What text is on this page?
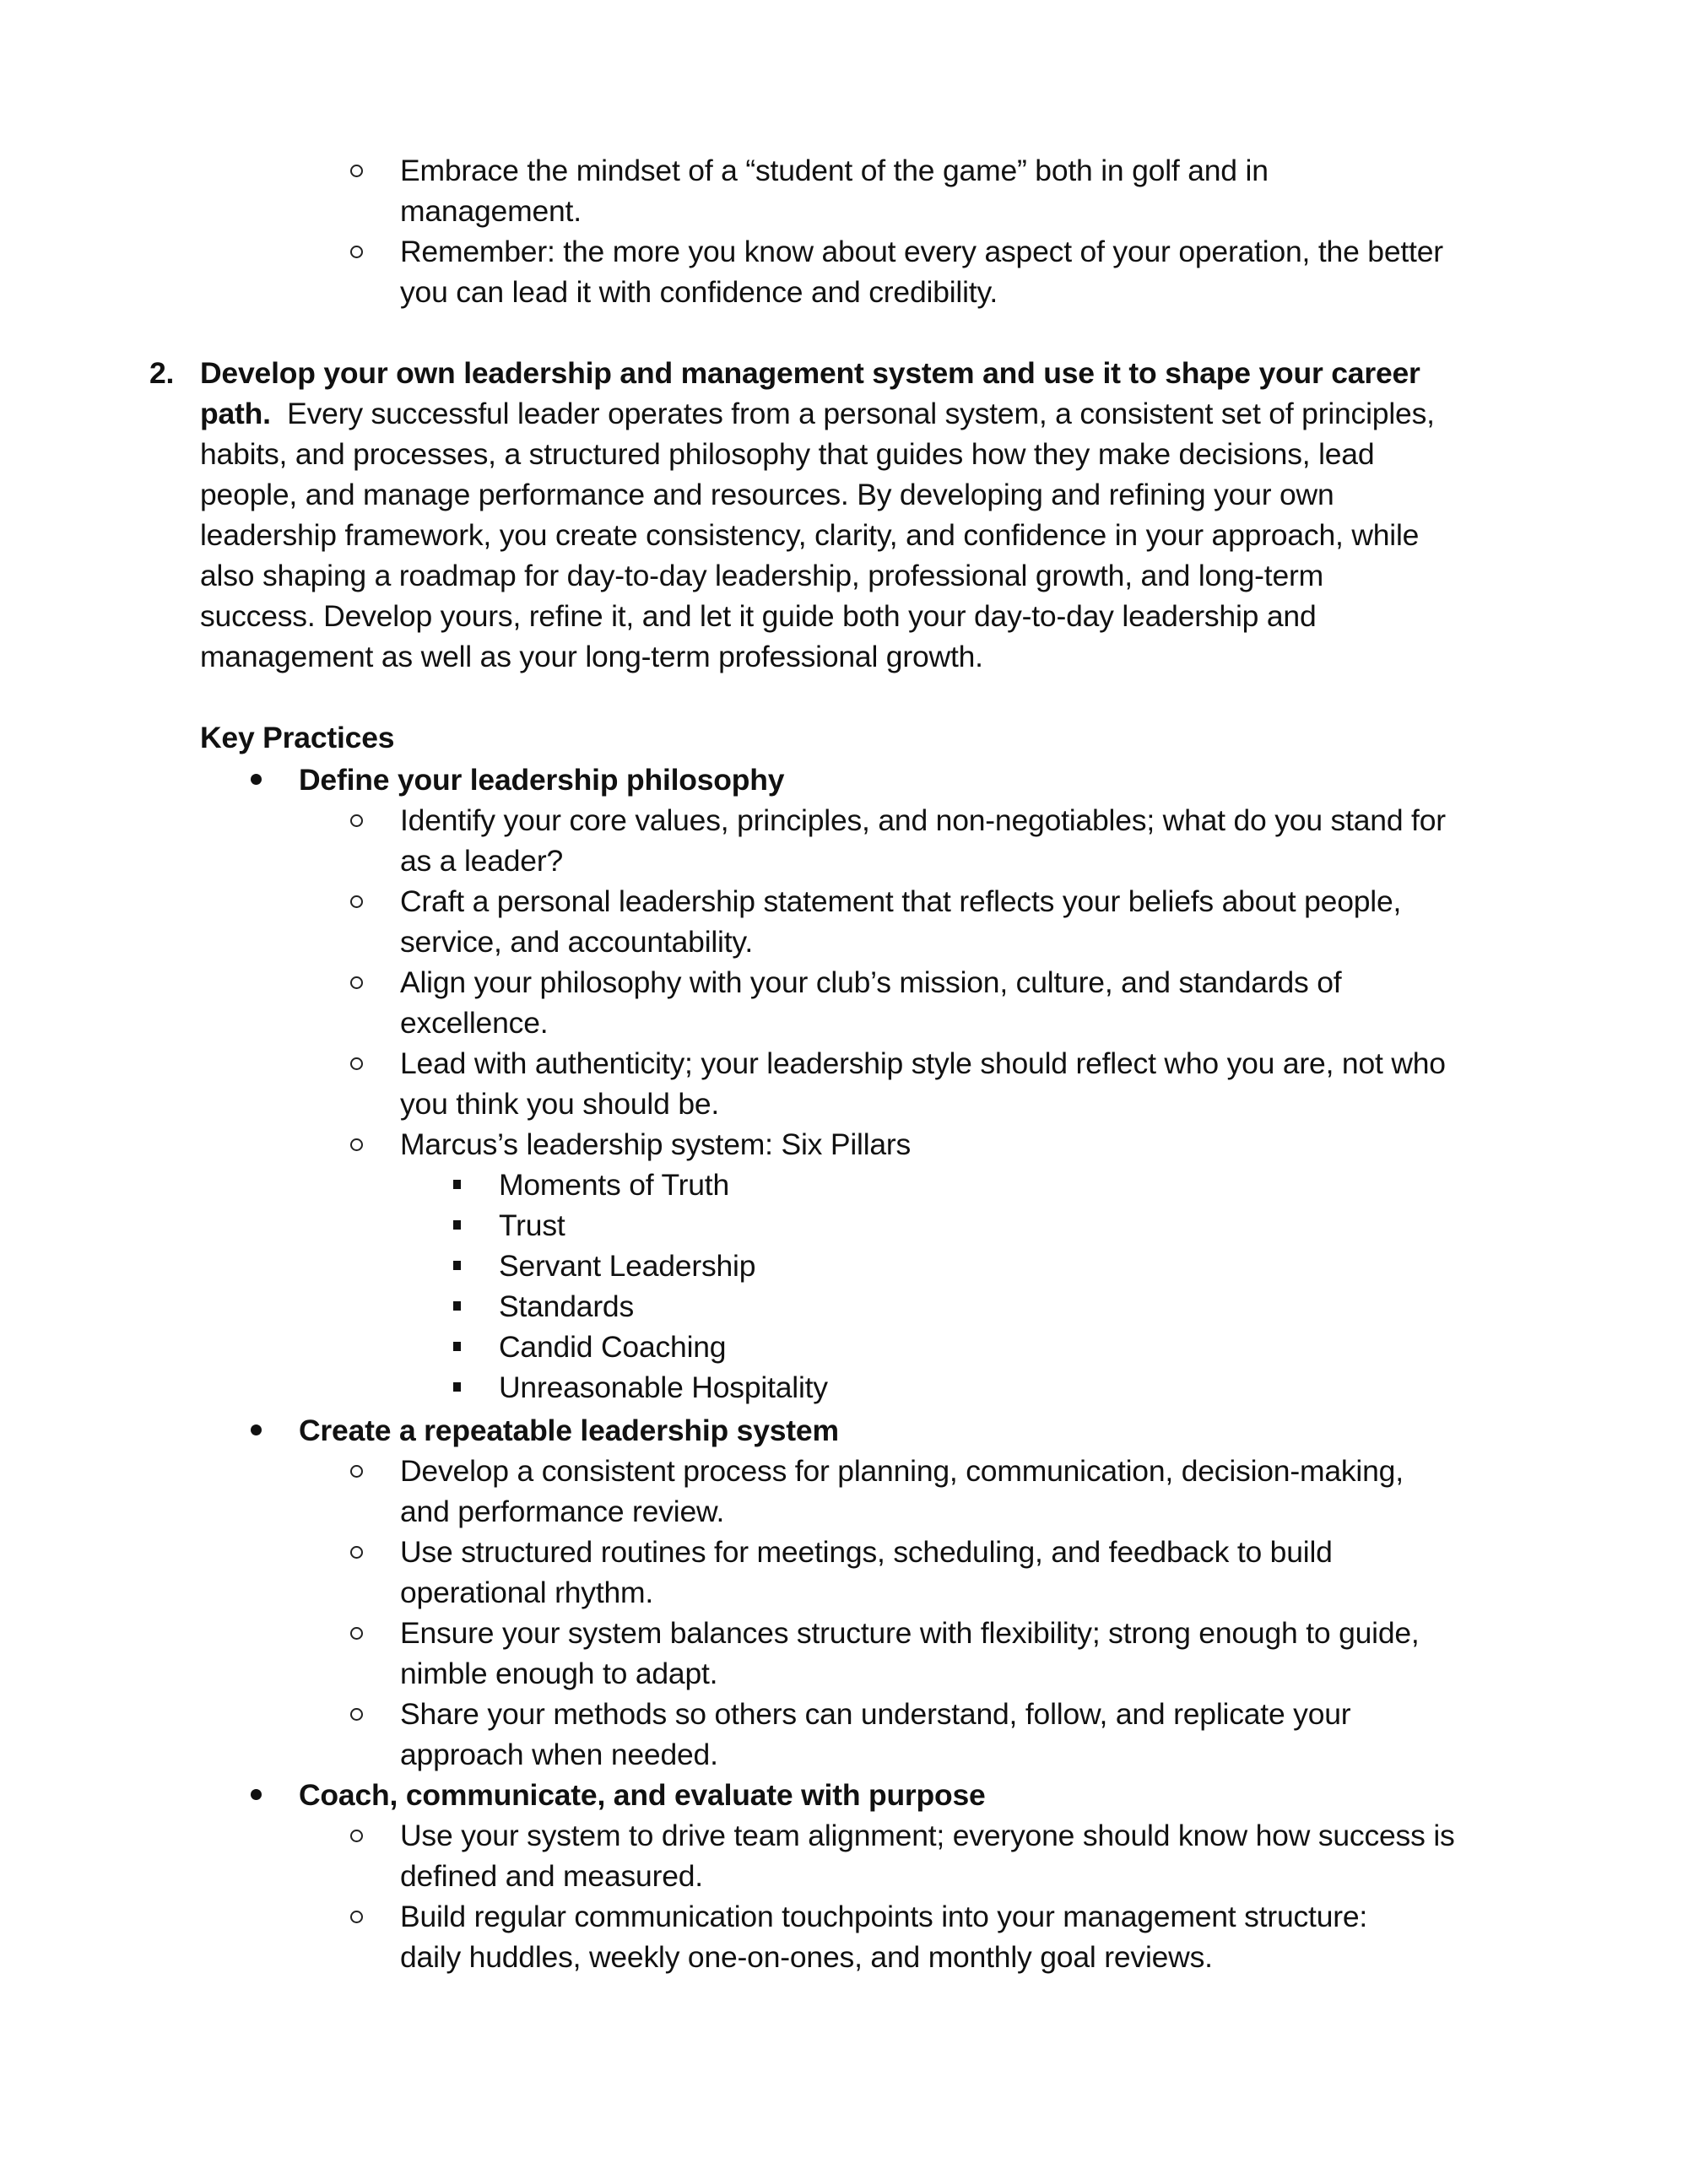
Embrace the mindset of a “student of the game” both in golf and in
management.
Remember: the more you know about every aspect of your operation, the better
you can lead it with confidence and credibility.
2. Develop your own leadership and management system and use it to shape your career
path. Every successful leader operates from a personal system, a consistent set of principles,
habits, and processes, a structured philosophy that guides how they make decisions, lead
people, and manage performance and resources. By developing and refining your own
leadership framework, you create consistency, clarity, and confidence in your approach, while
also shaping a roadmap for day-to-day leadership, professional growth, and long-term
success. Develop yours, refine it, and let it guide both your day-to-day leadership and
management as well as your long-term professional growth.
Key Practices
Define your leadership philosophy
Identify your core values, principles, and non-negotiables; what do you stand for
as a leader?
Craft a personal leadership statement that reflects your beliefs about people,
service, and accountability.
Align your philosophy with your club’s mission, culture, and standards of
excellence.
Lead with authenticity; your leadership style should reflect who you are, not who
you think you should be.
Marcus’s leadership system: Six Pillars
Moments of Truth
Trust
Servant Leadership
Standards
Candid Coaching
Unreasonable Hospitality
Create a repeatable leadership system
Develop a consistent process for planning, communication, decision-making,
and performance review.
Use structured routines for meetings, scheduling, and feedback to build
operational rhythm.
Ensure your system balances structure with flexibility; strong enough to guide,
nimble enough to adapt.
Share your methods so others can understand, follow, and replicate your
approach when needed.
Coach, communicate, and evaluate with purpose
Use your system to drive team alignment; everyone should know how success is
defined and measured.
Build regular communication touchpoints into your management structure:
daily huddles, weekly one-on-ones, and monthly goal reviews.
